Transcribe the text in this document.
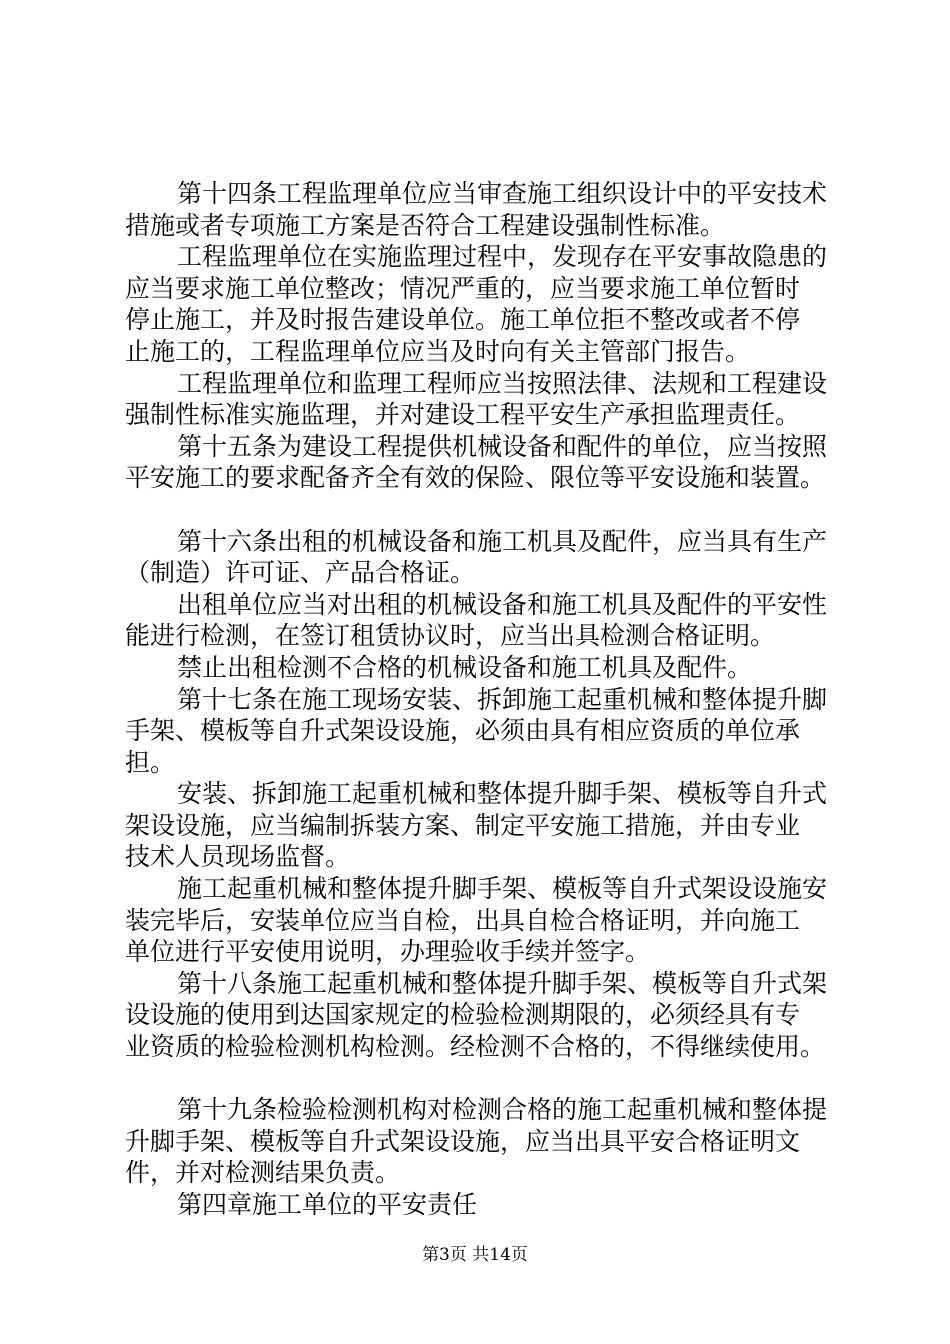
第十四条工程监理单位应当审查施工组织设计中的平安技术
措施或者专项施工方案是否符合工程建设强制性标准。

工程监理单位在实施监理过程中，发现存在平安事故隐患的
应当要求施工单位整改；情况严重的，应当要求施工单位暂时
停止施工，并及时报告建设单位。施工单位拒不整改或者不停
止施工的，工程监理单位应当及时向有关主管部门报告。

工程监理单位和监理工程师应当按照法律、法规和工程建设
强制性标准实施监理，并对建设工程平安生产承担监理责任。

第十五条为建设工程提供机械设备和配件的单位，应当按照
平安施工的要求配备齐全有效的保险、限位等平安设施和装置。

第十六条出租的机械设备和施工机具及配件，应当具有生产
（制造）许可证、产品合格证。

出租单位应当对出租的机械设备和施工机具及配件的平安性
能进行检测，在签订租赁协议时，应当出具检测合格证明。

禁止出租检测不合格的机械设备和施工机具及配件。

第十七条在施工现场安装、拆卸施工起重机械和整体提升脚
手架、模板等自升式架设设施，必须由具有相应资质的单位承
担。

安装、拆卸施工起重机械和整体提升脚手架、模板等自升式
架设设施，应当编制拆装方案、制定平安施工措施，并由专业
技术人员现场监督。

施工起重机械和整体提升脚手架、模板等自升式架设设施安
装完毕后，安装单位应当自检，出具自检合格证明，并向施工
单位进行平安使用说明，办理验收手续并签字。

第十八条施工起重机械和整体提升脚手架、模板等自升式架
设设施的使用到达国家规定的检验检测期限的，必须经具有专
业资质的检验检测机构检测。经检测不合格的，不得继续使用。

第十九条检验检测机构对检测合格的施工起重机械和整体提
升脚手架、模板等自升式架设设施，应当出具平安合格证明文
件，并对检测结果负责。

第四章施工单位的平安责任

第3页 共14页
